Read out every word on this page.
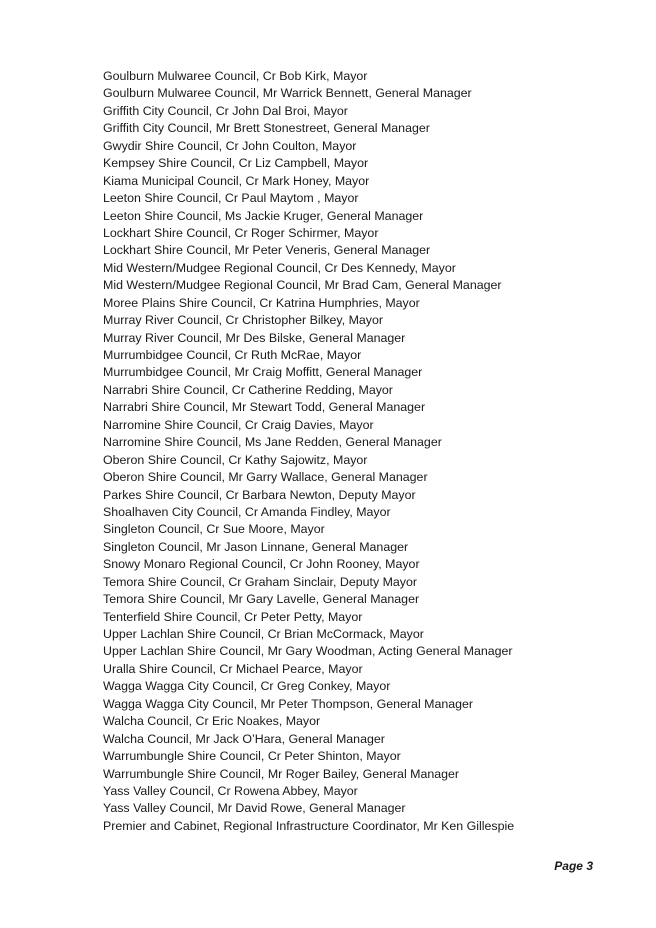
Goulburn Mulwaree Council, Cr Bob Kirk, Mayor
Goulburn Mulwaree Council, Mr Warrick Bennett, General Manager
Griffith City Council, Cr John Dal Broi, Mayor
Griffith City Council, Mr Brett Stonestreet, General Manager
Gwydir Shire Council, Cr John Coulton, Mayor
Kempsey Shire Council, Cr Liz Campbell, Mayor
Kiama Municipal Council, Cr Mark Honey, Mayor
Leeton Shire Council, Cr Paul Maytom , Mayor
Leeton Shire Council, Ms Jackie Kruger, General Manager
Lockhart Shire Council, Cr Roger Schirmer, Mayor
Lockhart Shire Council, Mr Peter Veneris, General Manager
Mid Western/Mudgee Regional Council, Cr Des Kennedy, Mayor
Mid Western/Mudgee Regional Council, Mr Brad Cam, General Manager
Moree Plains Shire Council, Cr Katrina Humphries, Mayor
Murray River Council, Cr Christopher Bilkey, Mayor
Murray River Council, Mr Des Bilske, General Manager
Murrumbidgee Council, Cr Ruth McRae, Mayor
Murrumbidgee Council, Mr Craig Moffitt, General Manager
Narrabri Shire Council, Cr Catherine Redding, Mayor
Narrabri Shire Council, Mr Stewart Todd, General Manager
Narromine Shire Council, Cr Craig Davies, Mayor
Narromine Shire Council, Ms Jane Redden, General Manager
Oberon Shire Council, Cr Kathy Sajowitz, Mayor
Oberon Shire Council, Mr Garry Wallace, General Manager
Parkes Shire Council, Cr Barbara Newton, Deputy Mayor
Shoalhaven City Council, Cr Amanda Findley, Mayor
Singleton Council, Cr Sue Moore, Mayor
Singleton Council, Mr Jason Linnane, General Manager
Snowy Monaro Regional Council, Cr John Rooney, Mayor
Temora Shire Council, Cr Graham Sinclair, Deputy Mayor
Temora Shire Council, Mr Gary Lavelle, General Manager
Tenterfield Shire Council, Cr Peter Petty, Mayor
Upper Lachlan Shire Council, Cr Brian McCormack, Mayor
Upper Lachlan Shire Council, Mr Gary Woodman, Acting General Manager
Uralla Shire Council, Cr Michael Pearce, Mayor
Wagga Wagga City Council, Cr Greg Conkey, Mayor
Wagga Wagga City Council, Mr Peter Thompson, General Manager
Walcha Council, Cr Eric Noakes, Mayor
Walcha Council, Mr Jack O’Hara, General Manager
Warrumbungle Shire Council, Cr Peter Shinton, Mayor
Warrumbungle Shire Council, Mr Roger Bailey, General Manager
Yass Valley Council, Cr Rowena Abbey, Mayor
Yass Valley Council, Mr David Rowe, General Manager
Premier and Cabinet, Regional Infrastructure Coordinator, Mr Ken Gillespie
Page 3
